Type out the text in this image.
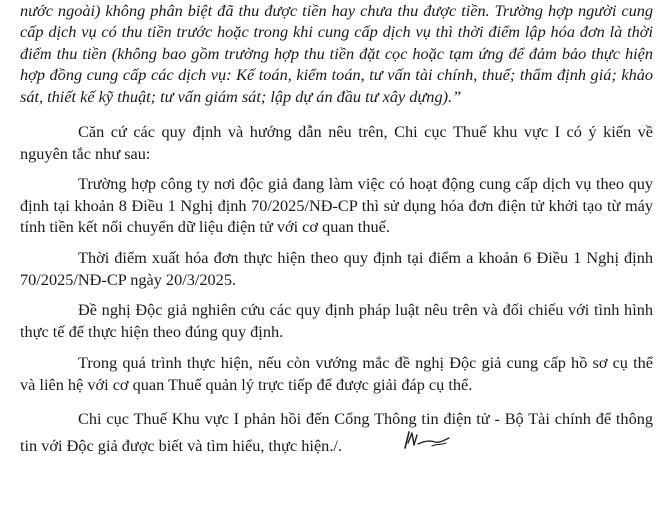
nước ngoài) không phân biệt đã thu được tiền hay chưa thu được tiền. Trường hợp người cung cấp dịch vụ có thu tiền trước hoặc trong khi cung cấp dịch vụ thì thời điểm lập hóa đơn là thời điểm thu tiền (không bao gồm trường hợp thu tiền đặt cọc hoặc tạm ứng để đảm bảo thực hiện hợp đồng cung cấp các dịch vụ: Kế toán, kiểm toán, tư vấn tài chính, thuế; thẩm định giá; khảo sát, thiết kế kỹ thuật; tư vấn giám sát; lập dự án đầu tư xây dựng).”

Căn cứ các quy định và hướng dẫn nêu trên, Chi cục Thuế khu vực I có ý kiến về nguyên tắc như sau:

Trường hợp công ty nơi độc giả đang làm việc có hoạt động cung cấp dịch vụ theo quy định tại khoản 8 Điều 1 Nghị định 70/2025/NĐ-CP thì sử dụng hóa đơn điện tử khởi tạo từ máy tính tiền kết nối chuyển dữ liệu điện tử với cơ quan thuế.

Thời điểm xuất hóa đơn thực hiện theo quy định tại điểm a khoản 6 Điều 1 Nghị định 70/2025/NĐ-CP ngày 20/3/2025.

Đề nghị Độc giả nghiên cứu các quy định pháp luật nêu trên và đối chiếu với tình hình thực tế để thực hiện theo đúng quy định.

Trong quá trình thực hiện, nếu còn vướng mắc đề nghị Độc giả cung cấp hồ sơ cụ thể và liên hệ với cơ quan Thuế quản lý trực tiếp để được giải đáp cụ thể.

Chi cục Thuế Khu vực I phản hồi đến Cổng Thông tin điện tử - Bộ Tài chính để thông tin với Độc giả được biết và tìm hiểu, thực hiện./.
